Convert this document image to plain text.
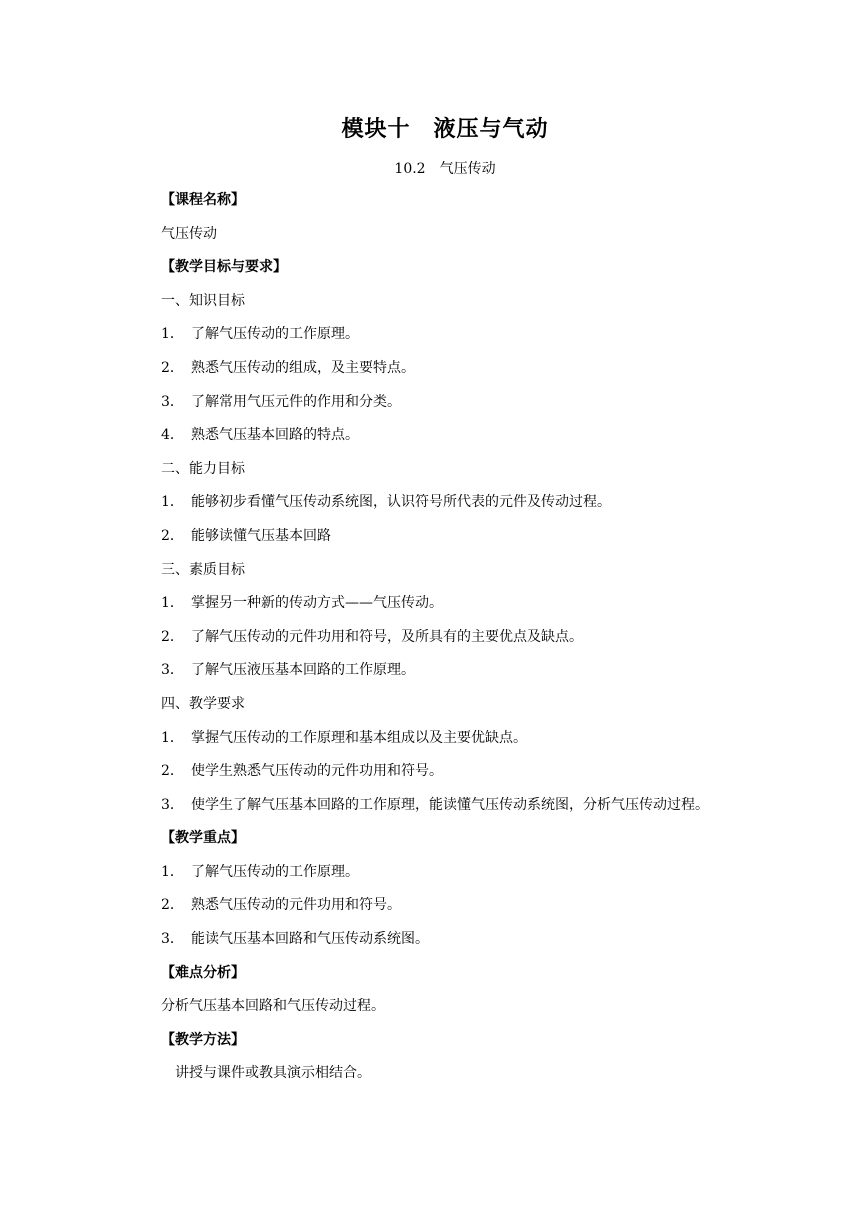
模块十　液压与气动
10.2　气压传动
【课程名称】
气压传动
【教学目标与要求】
一、知识目标
1． 了解气压传动的工作原理。
2． 熟悉气压传动的组成，及主要特点。
3． 了解常用气压元件的作用和分类。
4． 熟悉气压基本回路的特点。
二、能力目标
1． 能够初步看懂气压传动系统图，认识符号所代表的元件及传动过程。
2． 能够读懂气压基本回路
三、素质目标
1． 掌握另一种新的传动方式——气压传动。
2． 了解气压传动的元件功用和符号，及所具有的主要优点及缺点。
3． 了解气压液压基本回路的工作原理。
四、教学要求
1． 掌握气压传动的工作原理和基本组成以及主要优缺点。
2． 使学生熟悉气压传动的元件功用和符号。
3． 使学生了解气压基本回路的工作原理，能读懂气压传动系统图，分析气压传动过程。
【教学重点】
1． 了解气压传动的工作原理。
2． 熟悉气压传动的元件功用和符号。
3． 能读气压基本回路和气压传动系统图。
【难点分析】
分析气压基本回路和气压传动过程。
【教学方法】
讲授与课件或教具演示相结合。
